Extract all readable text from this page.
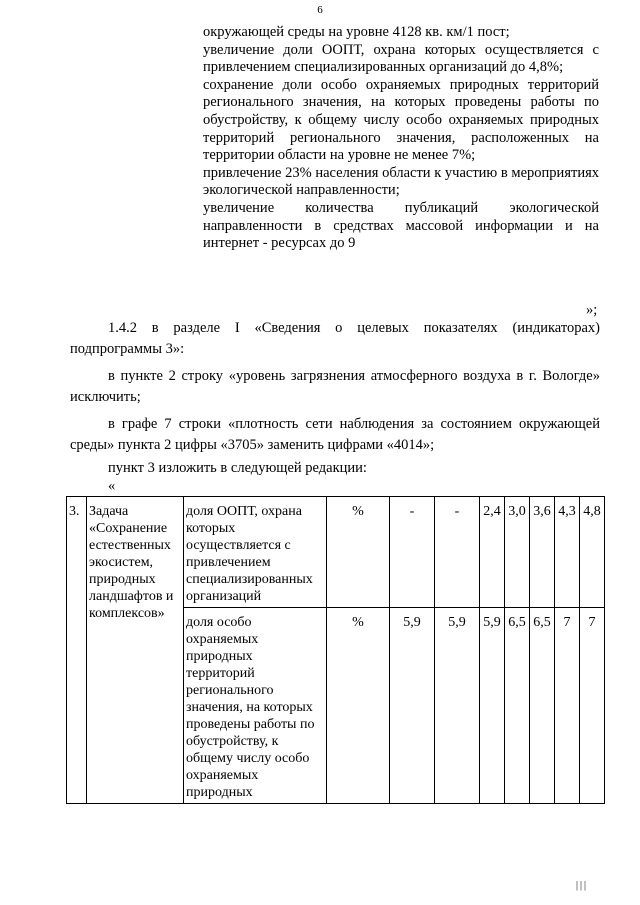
6

окружающей среды на уровне 4128 кв. км/1 пост;

увеличение доли ООПТ, охрана которых осуществляется с привлечением специализированных организаций до 4,8%;

сохранение доли особо охраняемых природных территорий регионального значения, на которых проведены работы по обустройству, к общему числу особо охраняемых природных территорий регионального значения, расположенных на территории области на уровне не менее 7%;

привлечение 23% населения области к участию в мероприятиях экологической направленности;

увеличение количества публикаций экологической направленности в средствах массовой информации и на интернет - ресурсах до 9

»;

1.4.2 в разделе I «Сведения о целевых показателях (индикаторах) подпрограммы 3»:

в пункте 2 строку «уровень загрязнения атмосферного воздуха в г. Вологде» исключить;

в графе 7 строки «плотность сети наблюдения за состоянием окружающей среды» пункта 2 цифры «3705» заменить цифрами «4014»;

пункт 3 изложить в следующей редакции:

«
3.	Задача «Сохранение естественных экосистем, природных ландшафтов и комплексов»	доля ООПТ, охрана которых осуществляется с привлечением специализированных организаций	%	-	-	2,4	3,0	3,6	4,3	4,8
		доля особо охраняемых природных территорий регионального значения, на которых проведены работы по обустройству, к общему числу особо охраняемых природных	%	5,9	5,9	5,9	6,5	6,5	7	7
|||
